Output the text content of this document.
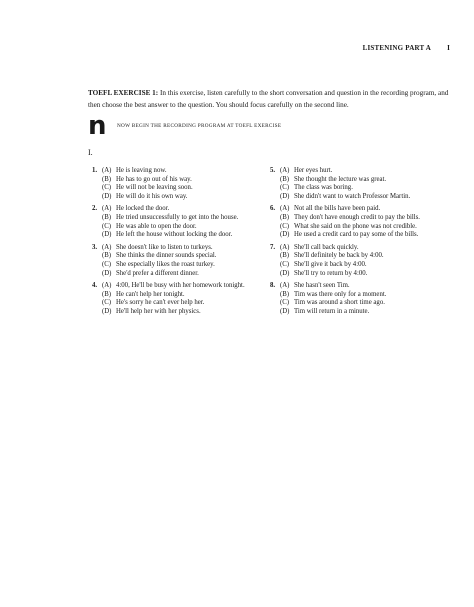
LISTENING PART A I
TOEFL EXERCISE 1: In this exercise, listen carefully to the short conversation and question in the recording program, and then choose the best answer to the question. You should focus carefully on the second line.
n NOW BEGIN THE RECORDING PROGRAM AT TOEFL EXERCISE
I.
1. (A) He is leaving now.
(B) He has to go out of his way.
(C) He will not be leaving soon.
(D) He will do it his own way.
2. (A) He locked the door.
(B) He tried unsuccessfully to get into the house.
(C) He was able to open the door.
(D) He left the house without locking the door.
3. (A) She doesn't like to listen to turkeys.
(B) She thinks the dinner sounds special.
(C) She especially likes the roast turkey.
(D) She'd prefer a different dinner.
4. (A) 4:00, He'll be busy with her homework tonight.
(B) He can't help her tonight.
(C) He's sorry he can't ever help her.
(D) He'll help her with her physics.
5. (A) Her eyes hurt.
(B) She thought the lecture was great.
(C) The class was boring.
(D) She didn't want to watch Professor Martin.
6. (A) Not all the bills have been paid.
(B) They don't have enough credit to pay the bills.
(C) What she said on the phone was not credible.
(D) He used a credit card to pay some of the bills.
7. (A) She'll call back quickly.
(B) She'll definitely be back by 4:00.
(C) She'll give it back by 4:00.
(D) She'll try to return by 4:00.
8. (A) She hasn't seen Tim.
(B) Tim was there only for a moment.
(C) Tim was around a short time ago.
(D) Tim will return in a minute.
